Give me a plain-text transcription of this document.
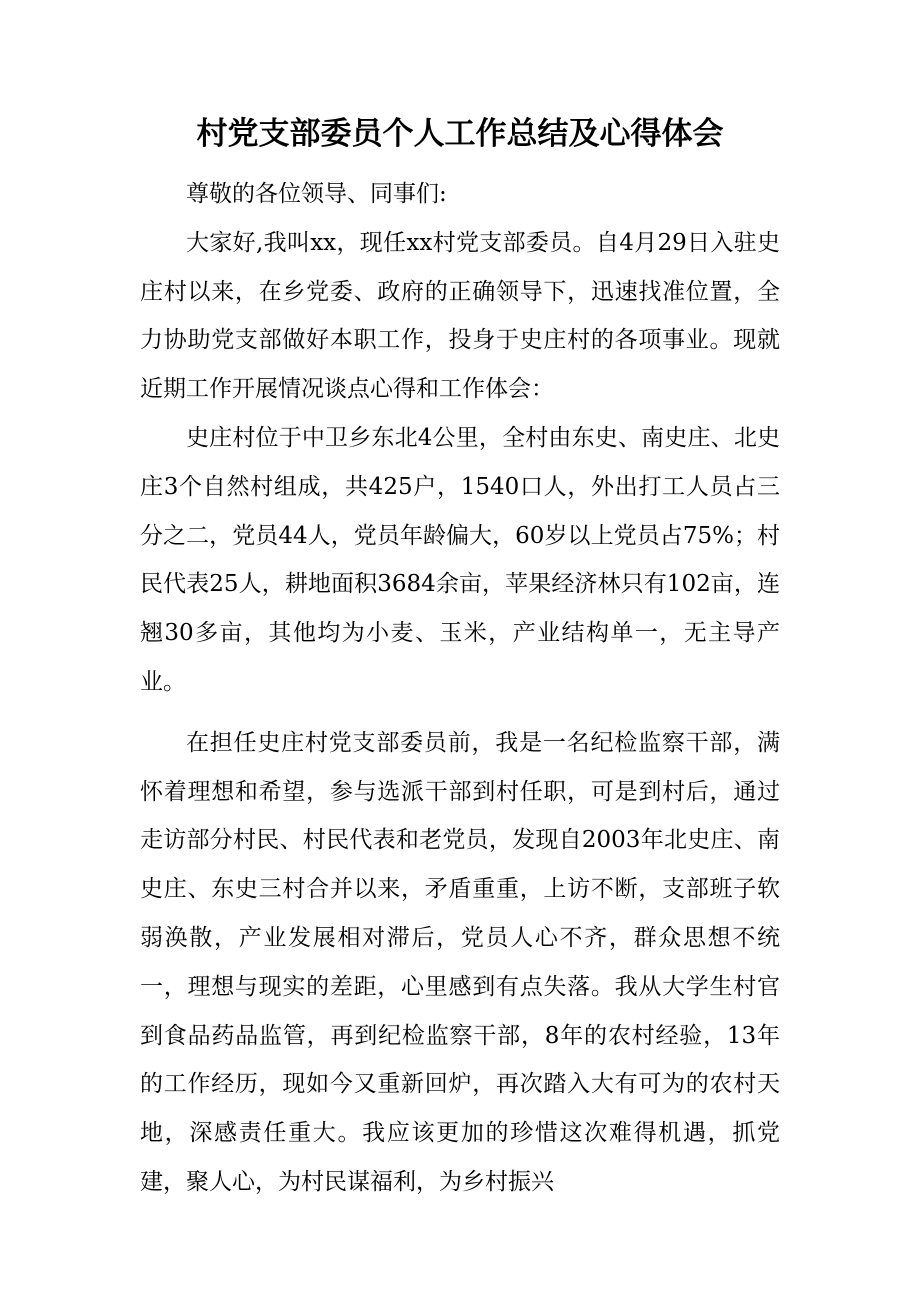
村党支部委员个人工作总结及心得体会

尊敬的各位领导、同事们:

大家好,我叫xx，现任xx村党支部委员。自4月29日入驻史庄村以来，在乡党委、政府的正确领导下，迅速找准位置，全力协助党支部做好本职工作，投身于史庄村的各项事业。现就近期工作开展情况谈点心得和工作体会：

史庄村位于中卫乡东北4公里，全村由东史、南史庄、北史庄3个自然村组成，共425户，1540口人，外出打工人员占三分之二，党员44人，党员年龄偏大，60岁以上党员占75%；村民代表25人，耕地面积3684余亩，苹果经济林只有102亩，连翘30多亩，其他均为小麦、玉米，产业结构单一，无主导产业。

在担任史庄村党支部委员前，我是一名纪检监察干部，满怀着理想和希望，参与选派干部到村任职，可是到村后，通过走访部分村民、村民代表和老党员，发现自2003年北史庄、南史庄、东史三村合并以来，矛盾重重，上访不断，支部班子软弱涣散，产业发展相对滞后，党员人心不齐，群众思想不统一，理想与现实的差距，心里感到有点失落。我从大学生村官到食品药品监管，再到纪检监察干部，8年的农村经验，13年的工作经历，现如今又重新回炉，再次踏入大有可为的农村天地，深感责任重大。我应该更加的珍惜这次难得机遇，抓党建，聚人心，为村民谋福利，为乡村振兴
